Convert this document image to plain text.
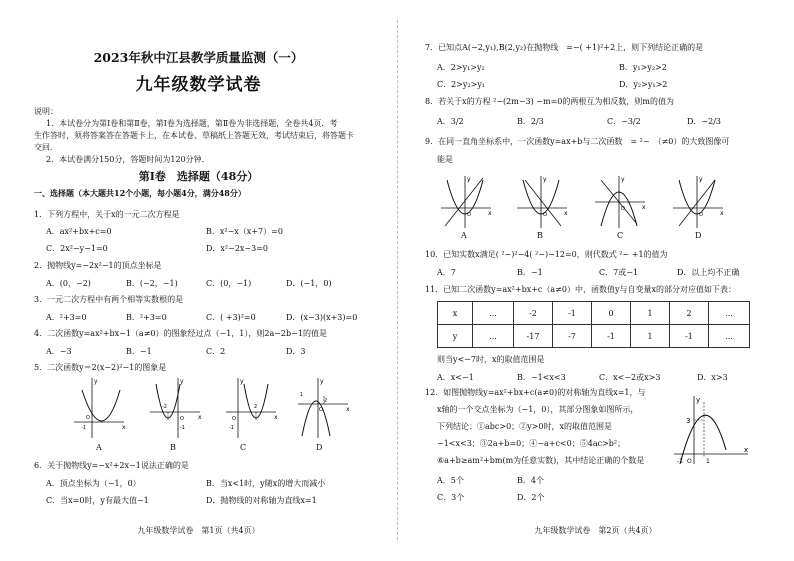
2023年秋中江县教学质量监测（一）
九年级数学试卷
说明：
1．本试卷分为第Ⅰ卷和第Ⅱ卷，第Ⅰ卷为选择题，第Ⅱ卷为非选择题，全卷共4页．考
生作答时，须将答案答在答题卡上，在本试卷、草稿纸上答题无效，考试结束后，将答题卡
交回．
2．本试卷满分150分，答题时间为120分钟．
第Ⅰ卷　选择题（48分）
一、选择题（本大题共12个小题，每小题4分，满分48分）
1．下列方程中，关于x的一元二次方程是
A．ax²+bx+c=0	B．x²−x（x+7）=0
C．2x²−y−1=0	D．x²−2x−3=0
2．抛物线y=−2x²−1的顶点坐标是
A．(0，−2)	B．(−2，−1)	C．(0，−1)	D．(−1，0)
3．一元二次方程中有两个相等实数根的是
A．²+3=0	B．²+3=0	C．( +3)²=0	D．(x−3)(x+3)=0
4．二次函数y=ax²+bx−1（a≠0）的图象经过点（−1，1），则2a−2b−1的值是
A．−3	B．−1	C．2	D．3
5．二次函数y＝2(x−2)²−1的图象是
y
x
O
-1
A
y
x
O
-2
-1
B
y
x
O
2
-1
C
y
x
O
2
1
D
6．关于抛物线y=−x²+2x−1说法正确的是
A．顶点坐标为（−1，0）	B．当x<1时，y随x的增大而减小
C．当x=0时，y有最大值−1	D．抛物线的对称轴为直线x=1
九年级数学试卷　第1页（共4页）
7．已知点A(−2,y₁),B(2,y₂)在抛物线　=−( +1)²+2上，则下列结论正确的是
A．2>y₁>y₂	B．y₁>y₂>2
C．2>y₂>y₁	D．y₂>y₁>2
8．若关于x的方程 ²−(2m−3) −m=0的两根互为相反数，则m的值为
A．3/2	B．2/3	C．−3/2	D．−2/3
9．在同一直角坐标系中，一次函数y=ax+b与二次函数　= ²−　（≠0）的大致图像可
能是
y
x
O
A
y
x
O
B
y
x
O
C
y
x
O
D
10．已知实数x满足( ²−)²−4( ²−)−12=0，则代数式 ²− +1的值为
A．7	B．−1	C．7或−1	D．以上均不正确
11．已知二次函数y=ax²+bx+c（a≠0）中，函数值y与自变量x的部分对应值如下表：
x	...	-2	-1	0	1	2	...
y	...	-17	-7	-1	1	-1	...
则当y<−7时，x的取值范围是
A．x<−1	B．−1<x<3	C．x<−2或x>3	D．x>3
12．如图抛物线y=ax²+bx+c(a≠0)的对称轴为直线x=1，与
x轴的一个交点坐标为（−1，0），其部分图象如图所示，
下列结论：①abc>0；②y>0时，x的取值范围是
−1<x<3；③2a+b=0；④−a+c<0；⑤4ac>b²；
⑥a+b≥am²+bm(m为任意实数)，其中结论正确的个数是
y
x
3
-1 O 1
A．5个	B．4个
C．3个	D．2个
九年级数学试卷　第2页（共4页）
